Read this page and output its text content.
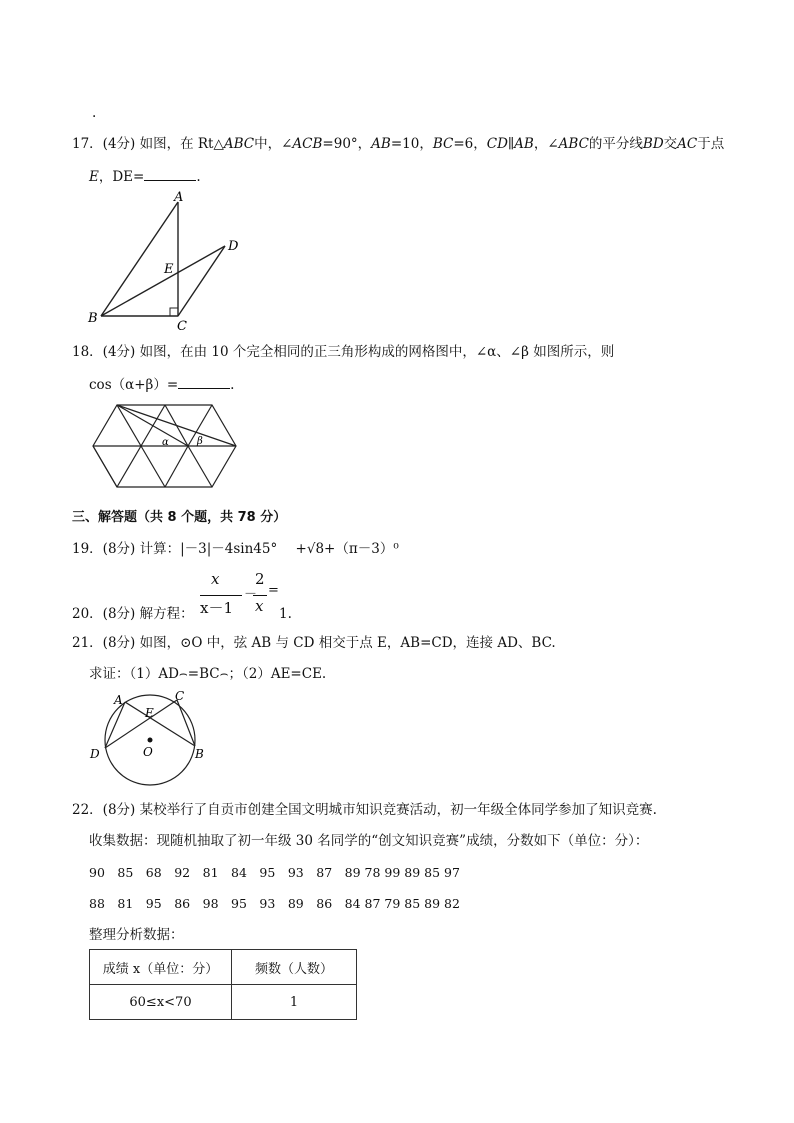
.
17．(4分) 如图，在 Rt△ABC中，∠ACB=90°，AB=10，BC=6，CD∥AB，∠ABC的平分线BD交AC于点
E，DE=	.
A
B
C
D
E
18．(4分) 如图，在由 10 个完全相同的正三角形构成的网格图中，∠α、∠β 如图所示，则
cos（α+β）=	.
α	β
三、解答题（共 8 个题，共 78 分）
19．(8分) 计算：|－3|－4sin45° +√8+（π－3）⁰
20．(8分) 解方程：
x
x－1
－
2
x
=
1.
21．(8分) 如图，⊙O 中，弦 AB 与 CD 相交于点 E，AB=CD，连接 AD、BC.
求证：（1）AD⌢=BC⌢；（2）AE=CE.
A
B
C
D
E
O
22．(8分) 某校举行了自贡市创建全国文明城市知识竞赛活动，初一年级全体同学参加了知识竞赛.
收集数据：现随机抽取了初一年级 30 名同学的“创文知识竞赛”成绩，分数如下（单位：分）：
90　85　68　92　81　84　95　93　87　89 78 99 89 85 97
88　81　95　86　98　95　93　89　86　84 87 79 85 89 82
整理分析数据：
成绩 x（单位：分）	频数（人数）
60≤x<70	1
